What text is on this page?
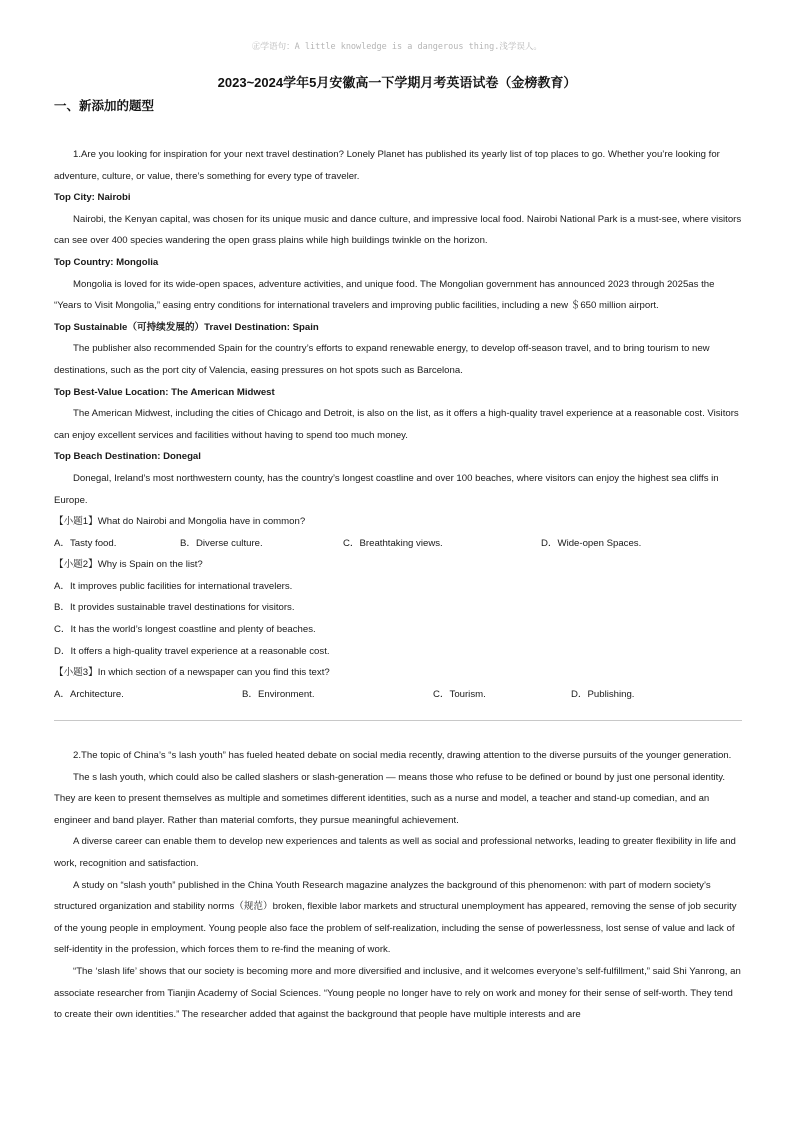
㊣学语句：A little knowledge is a dangerous thing.浅学误人。
2023~2024学年5月安徽高一下学期月考英语试卷（金榜教育）
一、新添加的题型

1.Are you looking for inspiration for your next travel destination? Lonely Planet has published its yearly list of top places to go. Whether you’re looking for adventure, culture, or value, there’s something for every type of traveler.

Top City: Nairobi

Nairobi, the Kenyan capital, was chosen for its unique music and dance culture, and impressive local food. Nairobi National Park is a must-see, where visitors can see over 400 species wandering the open grass plains while high buildings twinkle on the horizon.

Top Country: Mongolia

Mongolia is loved for its wide-open spaces, adventure activities, and unique food. The Mongolian government has announced 2023 through 2025as the “Years to Visit Mongolia,” easing entry conditions for international travelers and improving public facilities, including a new ＄650 million airport.

Top Sustainable（可持续发展的）Travel Destination: Spain

The publisher also recommended Spain for the country’s efforts to expand renewable energy, to develop off-season travel, and to bring tourism to new destinations, such as the port city of Valencia, easing pressures on hot spots such as Barcelona.

Top Best-Value Location: The American Midwest

The American Midwest, including the cities of Chicago and Detroit, is also on the list, as it offers a high-quality travel experience at a reasonable cost. Visitors can enjoy excellent services and facilities without having to spend too much money.

Top Beach Destination: Donegal

Donegal, Ireland’s most northwestern county, has the country’s longest coastline and over 100 beaches, where visitors can enjoy the highest sea cliffs in Europe.

【小题1】What do Nairobi and Mongolia have in common?

A．Tasty food.	B．Diverse culture.	C．Breathtaking views.	D．Wide-open Spaces.

【小题2】Why is Spain on the list?

A．It improves public facilities for international travelers.

B．It provides sustainable travel destinations for visitors.

C．It has the world’s longest coastline and plenty of beaches.

D．It offers a high-quality travel experience at a reasonable cost.

【小题3】In which section of a newspaper can you find this text?

A．Architecture.	B．Environment.	C．Tourism.	D．Publishing.

2.The topic of China’s “s lash youth” has fueled heated debate on social media recently, drawing attention to the diverse pursuits of the younger generation.

The s lash youth, which could also be called slashers or slash-generation — means those who refuse to be defined or bound by just one personal identity. They are keen to present themselves as multiple and sometimes different identities, such as a nurse and model, a teacher and stand-up comedian, and an engineer and band player. Rather than material comforts, they pursue meaningful achievement.

A diverse career can enable them to develop new experiences and talents as well as social and professional networks, leading to greater flexibility in life and work, recognition and satisfaction.

A study on “slash youth” published in the China Youth Research magazine analyzes the background of this phenomenon: with part of modern society’s structured organization and stability norms（规范）broken, flexible labor markets and structural unemployment has appeared, removing the sense of job security of the young people in employment. Young people also face the problem of self-realization, including the sense of powerlessness, lost sense of value and lack of self-identity in the profession, which forces them to re-find the meaning of work.

“The ‘slash life’ shows that our society is becoming more and more diversified and inclusive, and it welcomes everyone’s self-fulfillment,” said Shi Yanrong, an associate researcher from Tianjin Academy of Social Sciences. “Young people no longer have to rely on work and money for their sense of self-worth. They tend to create their own identities.” The researcher added that against the background that people have multiple interests and are
